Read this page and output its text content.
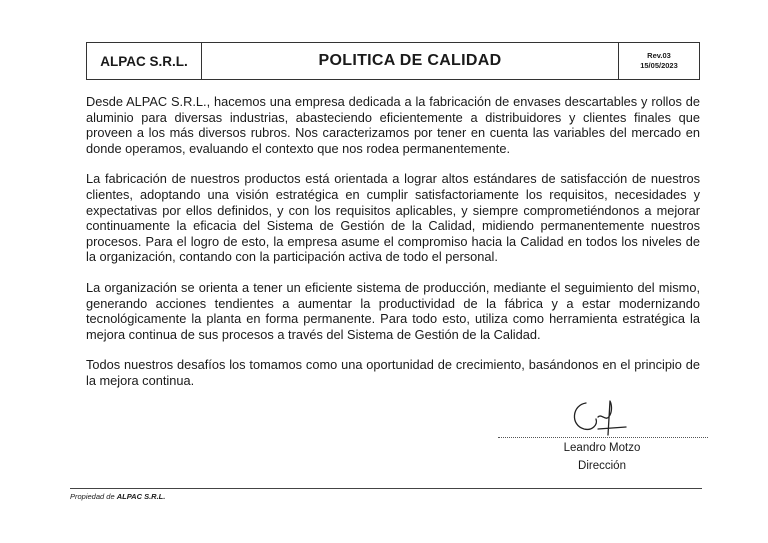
ALPAC S.R.L.	POLITICA DE CALIDAD	Rev.03
15/05/2023

Desde ALPAC S.R.L., hacemos una empresa dedicada a la fabricación de envases descartables y rollos de aluminio para diversas industrias, abasteciendo eficientemente a distribuidores y clientes finales que proveen a los más diversos rubros. Nos caracterizamos por tener en cuenta las variables del mercado en donde operamos, evaluando el contexto que nos rodea permanentemente.

La fabricación de nuestros productos está orientada a lograr altos estándares de satisfacción de nuestros clientes, adoptando una visión estratégica en cumplir satisfactoriamente los requisitos, necesidades y expectativas por ellos definidos, y con los requisitos aplicables, y siempre comprometiéndonos a mejorar continuamente la eficacia del Sistema de Gestión de la Calidad, midiendo permanentemente nuestros procesos. Para el logro de esto, la empresa asume el compromiso hacia la Calidad en todos los niveles de la organización, contando con la participación activa de todo el personal.

La organización se orienta a tener un eficiente sistema de producción, mediante el seguimiento del mismo, generando acciones tendientes a aumentar la productividad de la fábrica y a estar modernizando tecnológicamente la planta en forma permanente. Para todo esto, utiliza como herramienta estratégica la mejora continua de sus procesos a través del Sistema de Gestión de la Calidad.

Todos nuestros desafíos los tomamos como una oportunidad de crecimiento, basándonos en el principio de la mejora continua.

Leandro Motzo
Dirección
Propiedad de ALPAC S.R.L.
